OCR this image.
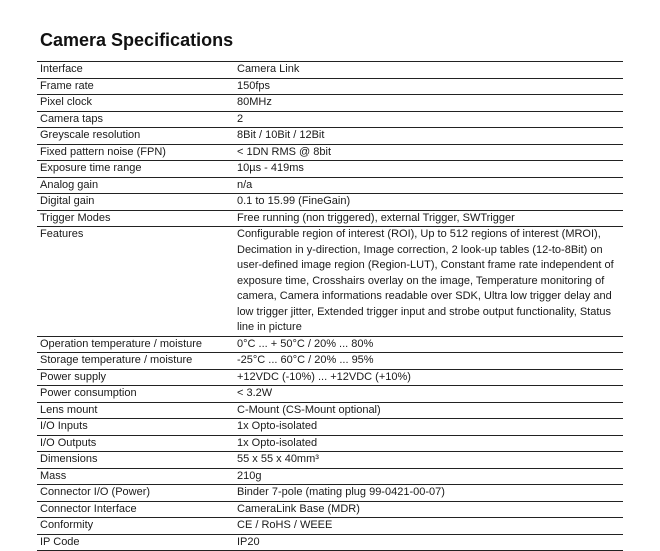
Camera Specifications
Interface	Camera Link
Frame rate	150fps
Pixel clock	80MHz
Camera taps	2
Greyscale resolution	8Bit / 10Bit / 12Bit
Fixed pattern noise (FPN)	< 1DN RMS @ 8bit
Exposure time range	10µs - 419ms
Analog gain	n/a
Digital gain	0.1 to 15.99 (FineGain)
Trigger Modes	Free running (non triggered), external Trigger, SWTrigger
Features	Configurable region of interest (ROI), Up to 512 regions of interest (MROI), Decimation in y-direction, Image correction, 2 look-up tables (12-to-8Bit) on user-defined image region (Region-LUT), Constant frame rate independent of exposure time, Crosshairs overlay on the image, Temperature monitoring of camera, Camera informations readable over SDK, Ultra low trigger delay and low trigger jitter, Extended trigger input and strobe output functionality, Status line in picture
Operation temperature / moisture	0°C ... + 50°C / 20% ... 80%
Storage temperature / moisture	-25°C ... 60°C / 20% ... 95%
Power supply	+12VDC (-10%) ... +12VDC (+10%)
Power consumption	< 3.2W
Lens mount	C-Mount (CS-Mount optional)
I/O Inputs	1x Opto-isolated
I/O Outputs	1x Opto-isolated
Dimensions	55 x 55 x 40mm³
Mass	210g
Connector I/O (Power)	Binder 7-pole (mating plug 99-0421-00-07)
Connector Interface	CameraLink Base (MDR)
Conformity	CE / RoHS / WEEE
IP Code	IP20
